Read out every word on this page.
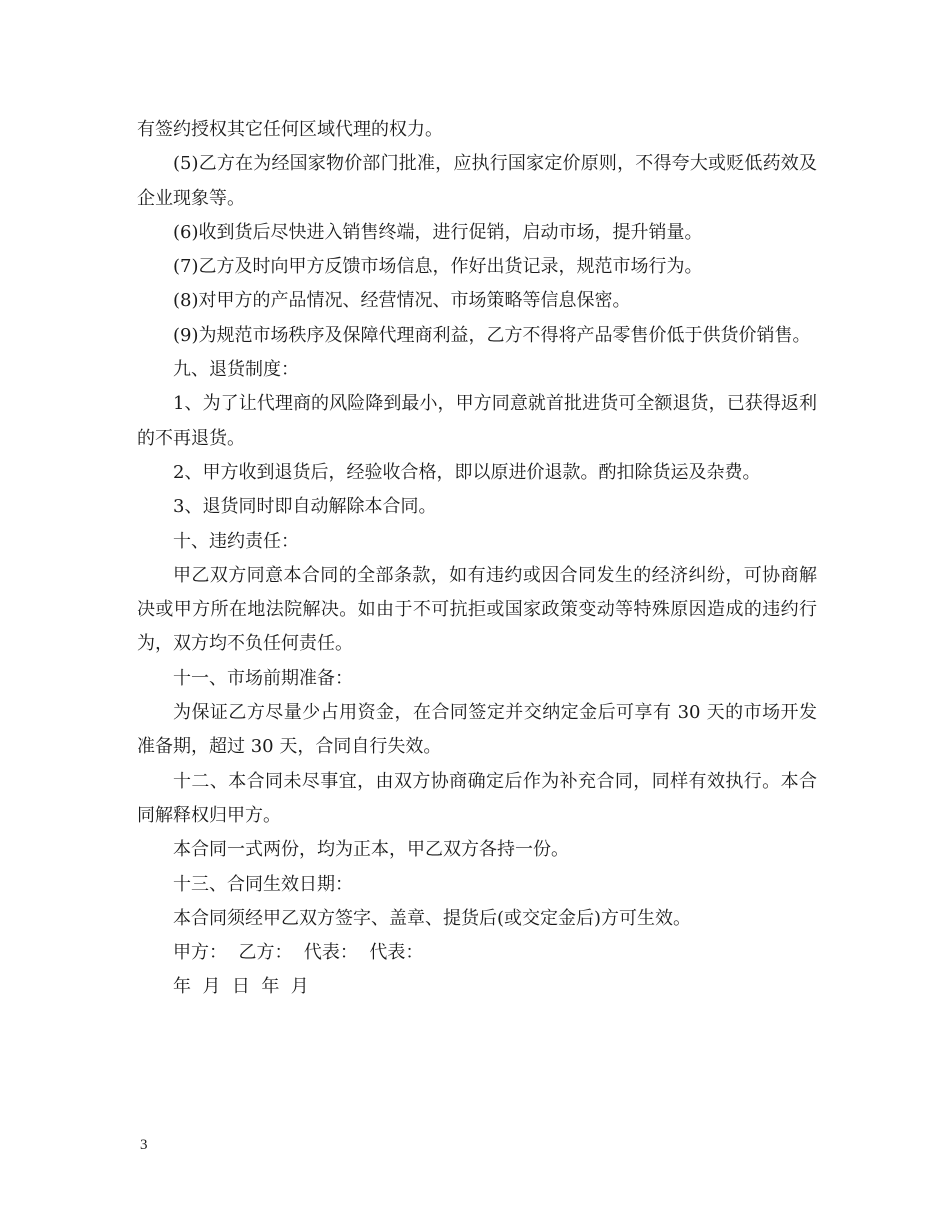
有签约授权其它任何区域代理的权力。

(5)乙方在为经国家物价部门批准，应执行国家定价原则，不得夸大或贬低药效及企业现象等。

(6)收到货后尽快进入销售终端，进行促销，启动市场，提升销量。

(7)乙方及时向甲方反馈市场信息，作好出货记录，规范市场行为。

(8)对甲方的产品情况、经营情况、市场策略等信息保密。

(9)为规范市场秩序及保障代理商利益，乙方不得将产品零售价低于供货价销售。

九、退货制度：

1、为了让代理商的风险降到最小，甲方同意就首批进货可全额退货，已获得返利的不再退货。

2、甲方收到退货后，经验收合格，即以原进价退款。酌扣除货运及杂费。

3、退货同时即自动解除本合同。

十、违约责任：

甲乙双方同意本合同的全部条款，如有违约或因合同发生的经济纠纷，可协商解决或甲方所在地法院解决。如由于不可抗拒或国家政策变动等特殊原因造成的违约行为，双方均不负任何责任。

十一、市场前期准备：

为保证乙方尽量少占用资金，在合同签定并交纳定金后可享有 30 天的市场开发准备期，超过 30 天，合同自行失效。

十二、本合同未尽事宜，由双方协商确定后作为补充合同，同样有效执行。本合同解释权归甲方。

本合同一式两份，均为正本，甲乙双方各持一份。

十三、合同生效日期：

本合同须经甲乙双方签字、盖章、提货后(或交定金后)方可生效。

甲方：  乙方：  代表：  代表：

年  月  日  年  月

3
